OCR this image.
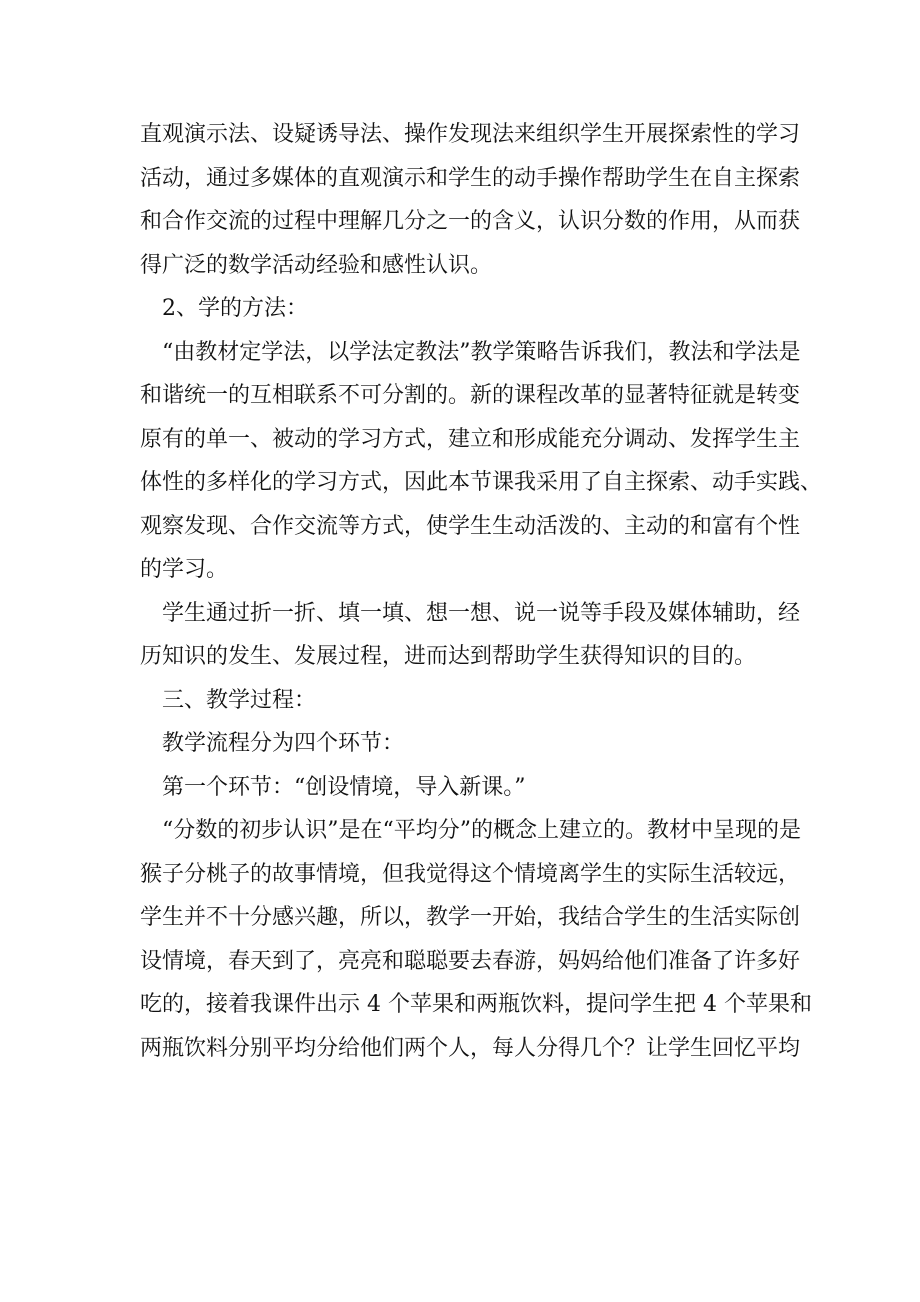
直观演示法、设疑诱导法、操作发现法来组织学生开展探索性的学习
活动，通过多媒体的直观演示和学生的动手操作帮助学生在自主探索
和合作交流的过程中理解几分之一的含义，认识分数的作用，从而获
得广泛的数学活动经验和感性认识。
2、学的方法：
“由教材定学法，以学法定教法”教学策略告诉我们，教法和学法是
和谐统一的互相联系不可分割的。新的课程改革的显著特征就是转变
原有的单一、被动的学习方式，建立和形成能充分调动、发挥学生主
体性的多样化的学习方式，因此本节课我采用了自主探索、动手实践、
观察发现、合作交流等方式，使学生生动活泼的、主动的和富有个性
的学习。
学生通过折一折、填一填、想一想、说一说等手段及媒体辅助，经
历知识的发生、发展过程，进而达到帮助学生获得知识的目的。
三、教学过程：
教学流程分为四个环节：
第一个环节：“创设情境，导入新课。”
“分数的初步认识”是在“平均分”的概念上建立的。教材中呈现的是
猴子分桃子的故事情境，但我觉得这个情境离学生的实际生活较远，
学生并不十分感兴趣，所以，教学一开始，我结合学生的生活实际创
设情境，春天到了，亮亮和聪聪要去春游，妈妈给他们准备了许多好
吃的，接着我课件出示 4 个苹果和两瓶饮料，提问学生把 4 个苹果和
两瓶饮料分别平均分给他们两个人，每人分得几个？让学生回忆平均
